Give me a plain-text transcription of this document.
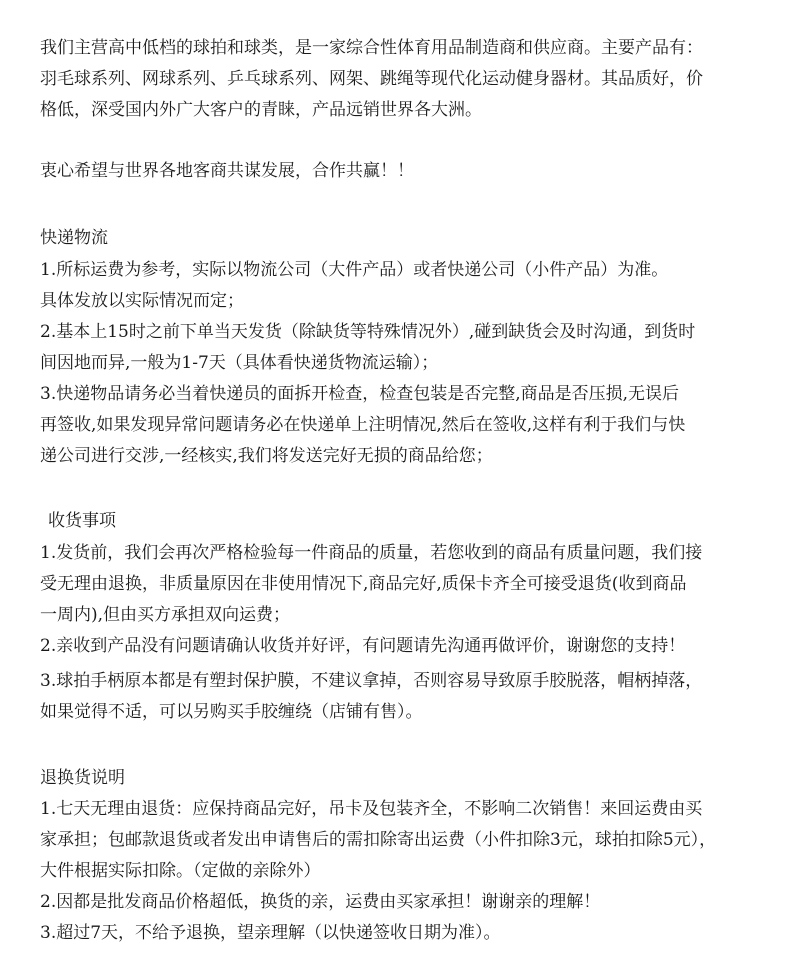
我们主营高中低档的球拍和球类，是一家综合性体育用品制造商和供应商。主要产品有：
羽毛球系列、网球系列、乒乓球系列、网架、跳绳等现代化运动健身器材。其品质好，价
格低，深受国内外广大客户的青睐，产品远销世界各大洲。
衷心希望与世界各地客商共谋发展，合作共赢！！
快递物流
1.所标运费为参考，实际以物流公司（大件产品）或者快递公司（小件产品）为准。
具体发放以实际情况而定；
2.基本上15时之前下单当天发货（除缺货等特殊情况外）,碰到缺货会及时沟通，到货时
间因地而异,一般为1-7天（具体看快递货物流运输）；
3.快递物品请务必当着快递员的面拆开检查，检查包装是否完整,商品是否压损,无误后
再签收,如果发现异常问题请务必在快递单上注明情况,然后在签收,这样有利于我们与快
递公司进行交涉,一经核实,我们将发送完好无损的商品给您；
收货事项
1.发货前，我们会再次严格检验每一件商品的质量，若您收到的商品有质量问题，我们接
受无理由退换，非质量原因在非使用情况下,商品完好,质保卡齐全可接受退货(收到商品
一周内),但由买方承担双向运费；
2.亲收到产品没有问题请确认收货并好评，有问题请先沟通再做评价，谢谢您的支持！
3.球拍手柄原本都是有塑封保护膜，不建议拿掉，否则容易导致原手胶脱落，帽柄掉落，
如果觉得不适，可以另购买手胶缠绕（店铺有售）。
退换货说明
1.七天无理由退货：应保持商品完好，吊卡及包装齐全，不影响二次销售！来回运费由买
家承担；包邮款退货或者发出申请售后的需扣除寄出运费（小件扣除3元，球拍扣除5元），
大件根据实际扣除。（定做的亲除外）
2.因都是批发商品价格超低，换货的亲，运费由买家承担！谢谢亲的理解！
3.超过7天，不给予退换，望亲理解（以快递签收日期为准）。
